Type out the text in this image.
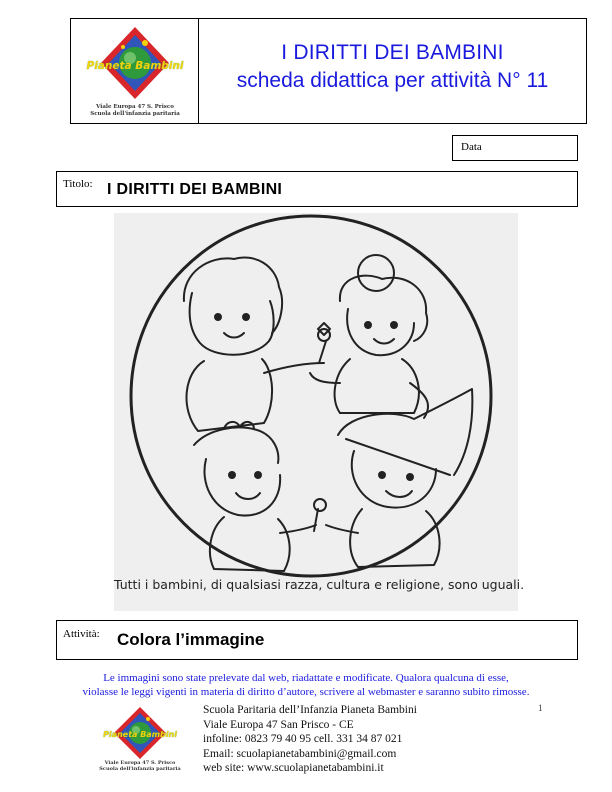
Pianeta Bambini
Viale Europa 47 S. Prisco
Scuola dell'infanzia paritaria
I DIRITTI DEI BAMBINI
scheda didattica per attività N° 11
Data
Titolo: I DIRITTI DEI BAMBINI
Tutti i bambini, di qualsiasi razza, cultura e religione, sono uguali.
Attività: Colora l’immagine
Le immagini sono state prelevate dal web, riadattate e modificate. Qualora qualcuna di esse,
violasse le leggi vigenti in materia di diritto d’autore, scrivere al webmaster e saranno subito rimosse.
1
Pianeta Bambini
Viale Europa 47 S. Prisco
Scuola dell'infanzia paritaria
Scuola Paritaria dell’Infanzia Pianeta Bambini
Viale Europa 47 San Prisco - CE
infoline: 0823 79 40 95 cell. 331 34 87 021
Email: scuolapianetabambini@gmail.com
web site: www.scuolapianetabambini.it
